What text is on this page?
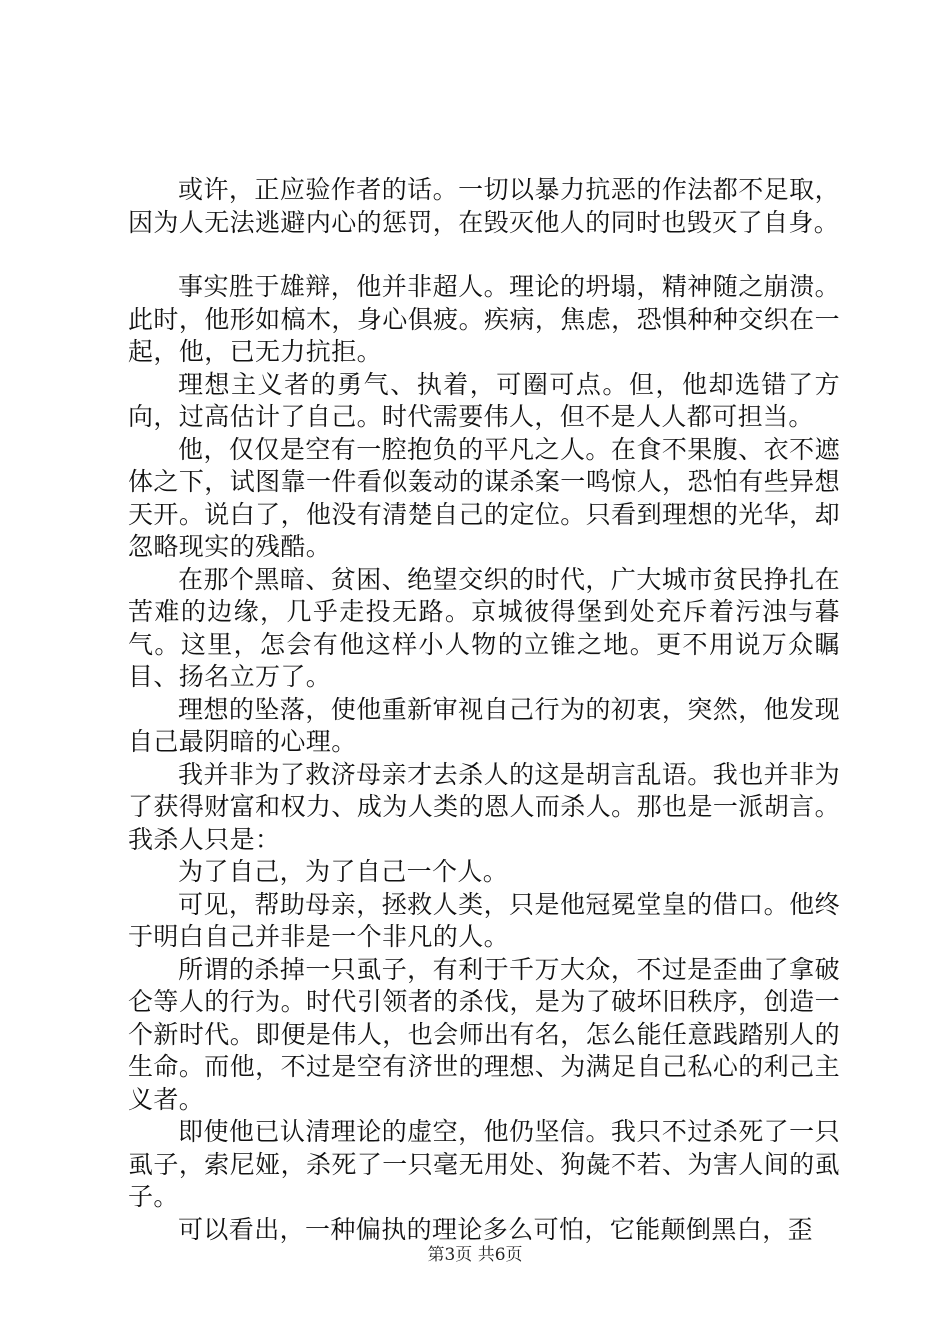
或许，正应验作者的话。一切以暴力抗恶的作法都不足取，因为人无法逃避内心的惩罚，在毁灭他人的同时也毁灭了自身。

事实胜于雄辩，他并非超人。理论的坍塌，精神随之崩溃。此时，他形如槁木，身心俱疲。疾病，焦虑，恐惧种种交织在一起，他，已无力抗拒。

理想主义者的勇气、执着，可圈可点。但，他却选错了方向，过高估计了自己。时代需要伟人，但不是人人都可担当。

他，仅仅是空有一腔抱负的平凡之人。在食不果腹、衣不遮体之下，试图靠一件看似轰动的谋杀案一鸣惊人，恐怕有些异想天开。说白了，他没有清楚自己的定位。只看到理想的光华，却忽略现实的残酷。

在那个黑暗、贫困、绝望交织的时代，广大城市贫民挣扎在苦难的边缘，几乎走投无路。京城彼得堡到处充斥着污浊与暮气。这里，怎会有他这样小人物的立锥之地。更不用说万众瞩目、扬名立万了。

理想的坠落，使他重新审视自己行为的初衷，突然，他发现自己最阴暗的心理。

我并非为了救济母亲才去杀人的这是胡言乱语。我也并非为了获得财富和权力、成为人类的恩人而杀人。那也是一派胡言。我杀人只是：

为了自己，为了自己一个人。

可见，帮助母亲，拯救人类，只是他冠冕堂皇的借口。他终于明白自己并非是一个非凡的人。

所谓的杀掉一只虱子，有利于千万大众，不过是歪曲了拿破仑等人的行为。时代引领者的杀伐，是为了破坏旧秩序，创造一个新时代。即便是伟人，也会师出有名，怎么能任意践踏别人的生命。而他，不过是空有济世的理想、为满足自己私心的利己主义者。

即使他已认清理论的虚空，他仍坚信。我只不过杀死了一只虱子，索尼娅，杀死了一只毫无用处、狗彘不若、为害人间的虱子。

可以看出，一种偏执的理论多么可怕，它能颠倒黑白，歪

第3页 共6页
